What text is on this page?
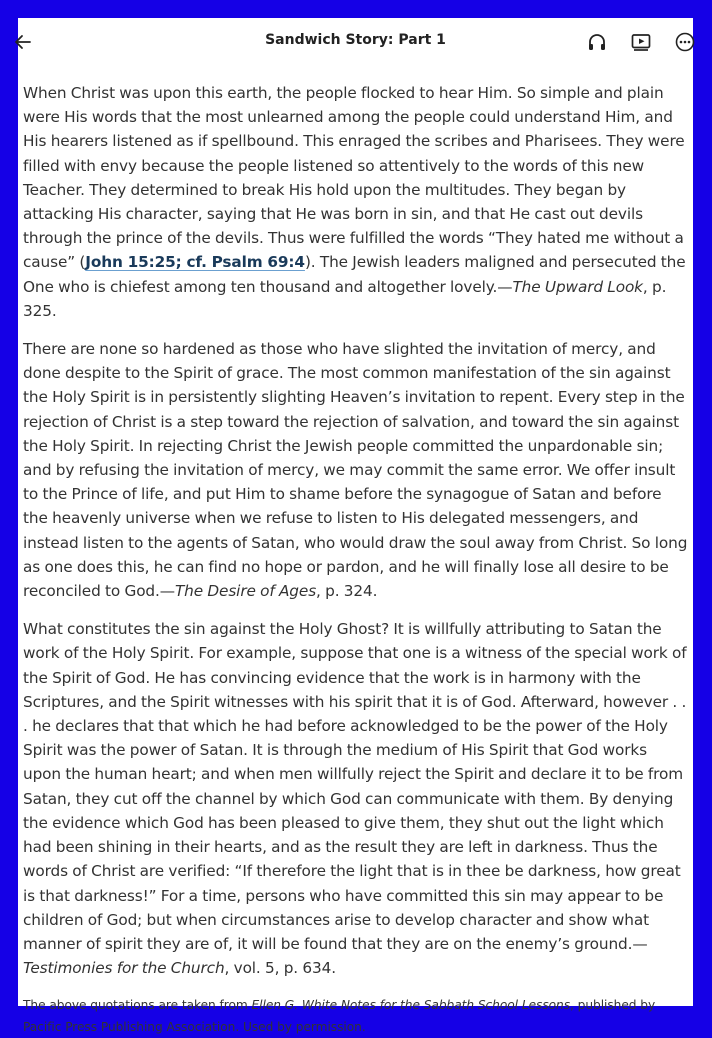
Sandwich Story: Part 1

When Christ was upon this earth, the people flocked to hear Him. So simple and plain were His words that the most unlearned among the people could understand Him, and His hearers listened as if spellbound. This enraged the scribes and Pharisees. They were filled with envy because the people listened so attentively to the words of this new Teacher. They determined to break His hold upon the multitudes. They began by attacking His character, saying that He was born in sin, and that He cast out devils through the prince of the devils. Thus were fulfilled the words “They hated me without a cause” (John 15:25; cf. Psalm 69:4). The Jewish leaders maligned and persecuted the One who is chiefest among ten thousand and altogether lovely.—The Upward Look, p. 325.

There are none so hardened as those who have slighted the invitation of mercy, and done despite to the Spirit of grace. The most common manifestation of the sin against the Holy Spirit is in persistently slighting Heaven’s invitation to repent. Every step in the rejection of Christ is a step toward the rejection of salvation, and toward the sin against the Holy Spirit. In rejecting Christ the Jewish people committed the unpardonable sin; and by refusing the invitation of mercy, we may commit the same error. We offer insult to the Prince of life, and put Him to shame before the synagogue of Satan and before the heavenly universe when we refuse to listen to His delegated messengers, and instead listen to the agents of Satan, who would draw the soul away from Christ. So long as one does this, he can find no hope or pardon, and he will finally lose all desire to be reconciled to God.—The Desire of Ages, p. 324.

What constitutes the sin against the Holy Ghost? It is willfully attributing to Satan the work of the Holy Spirit. For example, suppose that one is a witness of the special work of the Spirit of God. He has convincing evidence that the work is in harmony with the Scriptures, and the Spirit witnesses with his spirit that it is of God. Afterward, however . . . he declares that that which he had before acknowledged to be the power of the Holy Spirit was the power of Satan. It is through the medium of His Spirit that God works upon the human heart; and when men willfully reject the Spirit and declare it to be from Satan, they cut off the channel by which God can communicate with them. By denying the evidence which God has been pleased to give them, they shut out the light which had been shining in their hearts, and as the result they are left in darkness. Thus the words of Christ are verified: “If therefore the light that is in thee be darkness, how great is that darkness!” For a time, persons who have committed this sin may appear to be children of God; but when circumstances arise to develop character and show what manner of spirit they are of, it will be found that they are on the enemy’s ground.—Testimonies for the Church, vol. 5, p. 634.

The above quotations are taken from Ellen G. White Notes for the Sabbath School Lessons, published by Pacific Press Publishing Association. Used by permission.
